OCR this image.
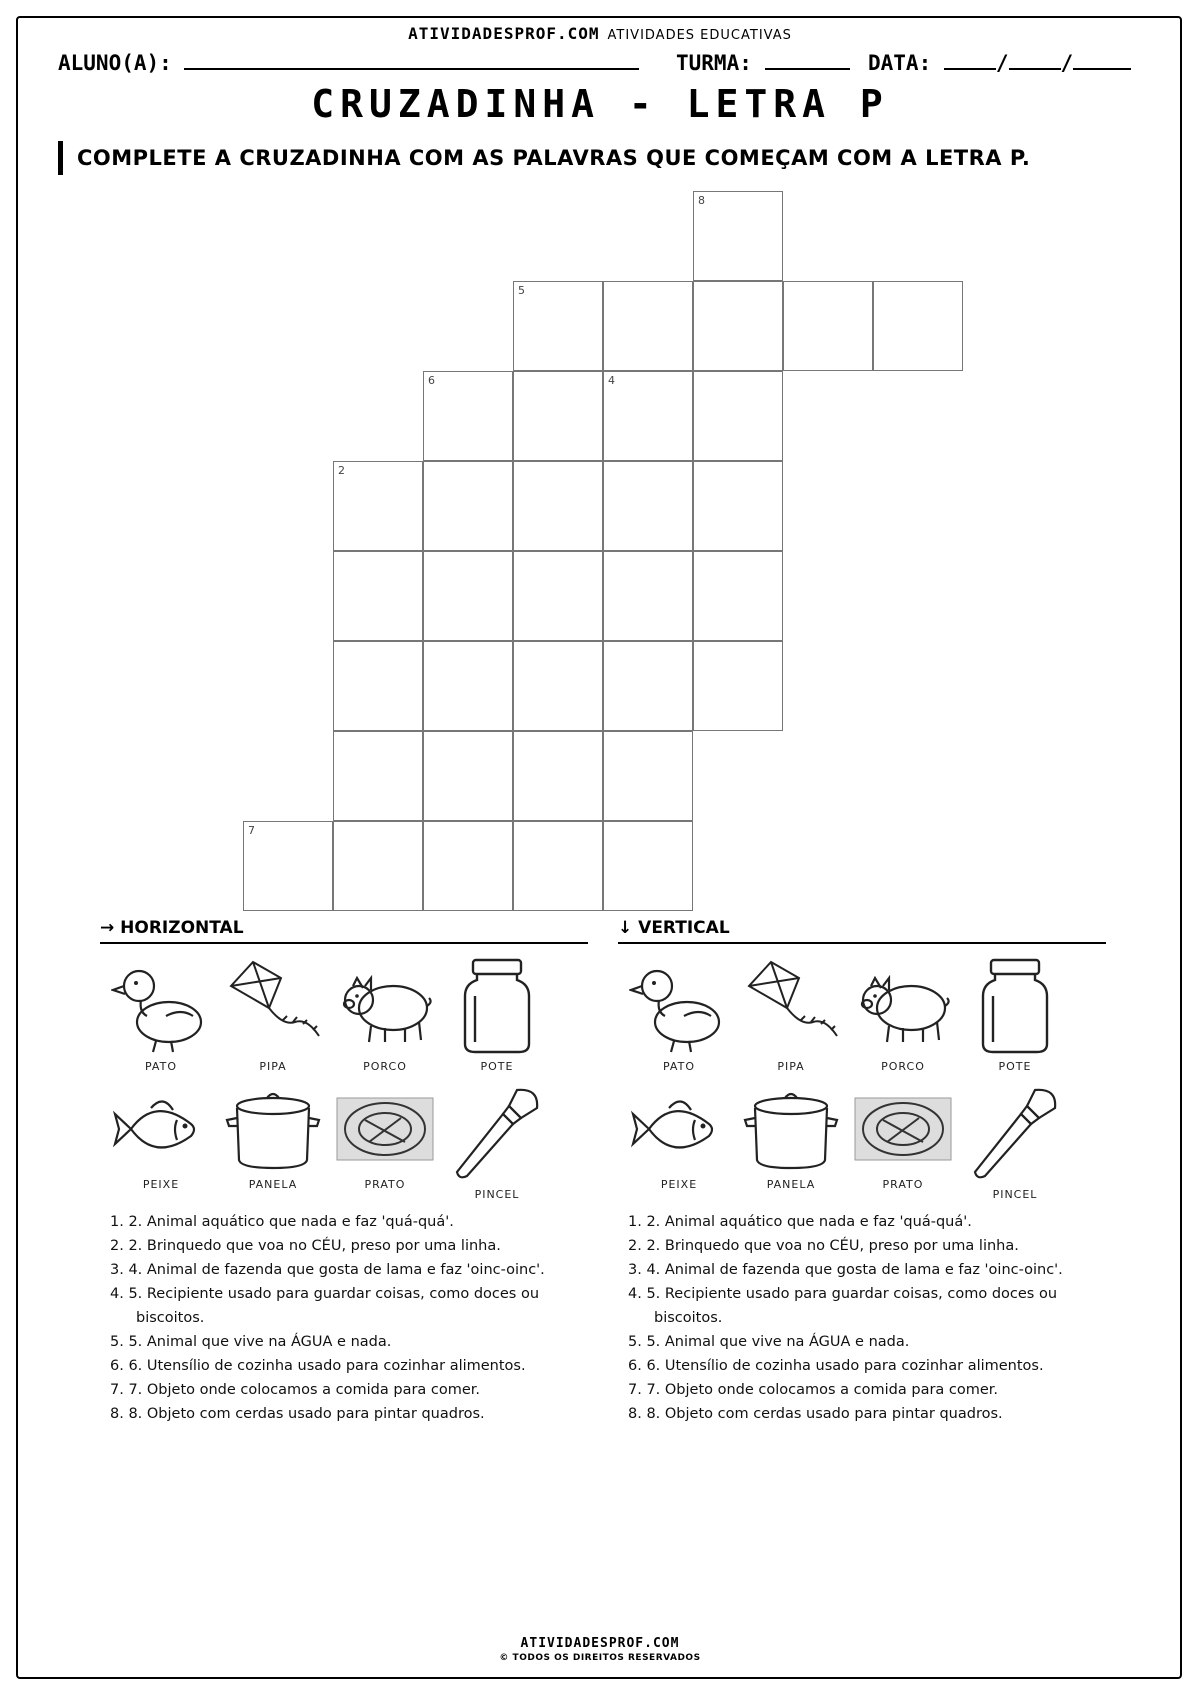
ATIVIDADESPROF.COM ATIVIDADES EDUCATIVAS
ALUNO(A):	TURMA:	DATA:	/ /
CRUZADINHA - LETRA P
COMPLETE A CRUZADINHA COM AS PALAVRAS QUE COMEÇAM COM A LETRA P.
8
5
6	4
2
7
→ HORIZONTAL	↓ VERTICAL
PATO	PIPA	PORCO	POTE
PEIXE	PANELA	PRATO
PINCEL
PATO	PIPA	PORCO	POTE
PEIXE	PANELA	PRATO
PINCEL
1. 2. Animal aquático que nada e faz 'quá-quá'.
2. 2. Brinquedo que voa no CÉU, preso por uma linha.
3. 4. Animal de fazenda que gosta de lama e faz 'oinc-oinc'.
4. 5. Recipiente usado para guardar coisas, como doces ou biscoitos.
5. 5. Animal que vive na ÁGUA e nada.
6. 6. Utensílio de cozinha usado para cozinhar alimentos.
7. 7. Objeto onde colocamos a comida para comer.
8. 8. Objeto com cerdas usado para pintar quadros.
1. 2. Animal aquático que nada e faz 'quá-quá'.
2. 2. Brinquedo que voa no CÉU, preso por uma linha.
3. 4. Animal de fazenda que gosta de lama e faz 'oinc-oinc'.
4. 5. Recipiente usado para guardar coisas, como doces ou biscoitos.
5. 5. Animal que vive na ÁGUA e nada.
6. 6. Utensílio de cozinha usado para cozinhar alimentos.
7. 7. Objeto onde colocamos a comida para comer.
8. 8. Objeto com cerdas usado para pintar quadros.
ATIVIDADESPROF.COM
© TODOS OS DIREITOS RESERVADOS
